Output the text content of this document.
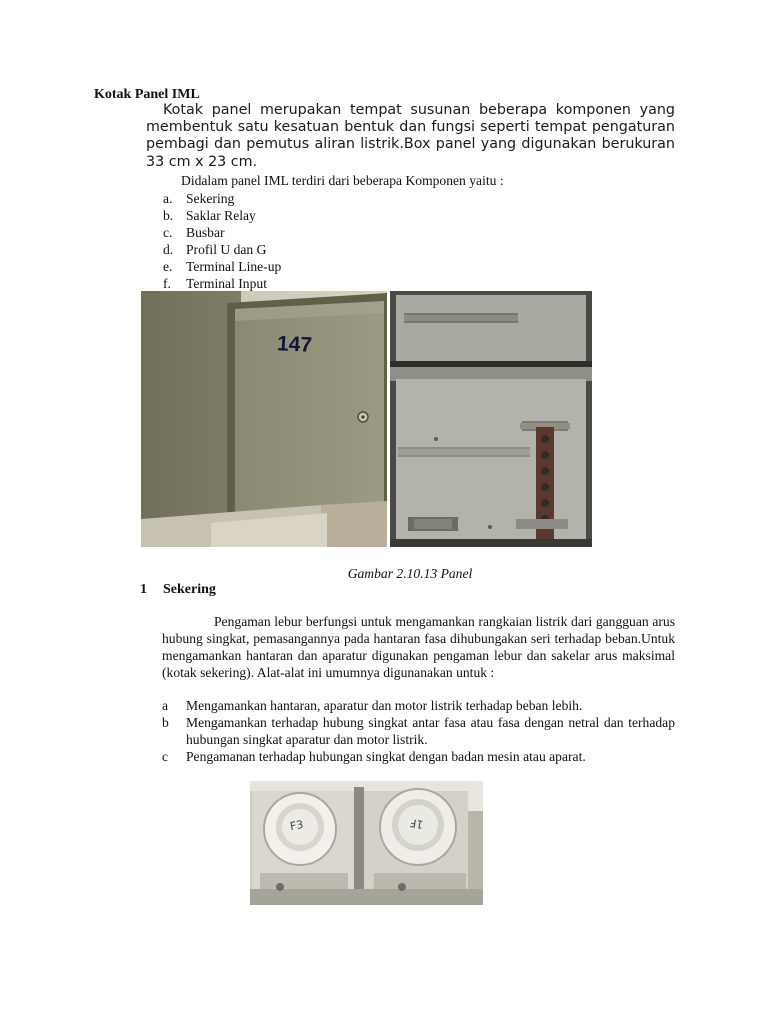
Kotak Panel IML

Kotak panel merupakan tempat susunan beberapa komponen yang membentuk satu kesatuan bentuk dan fungsi seperti tempat pengaturan pembagi dan pemutus aliran listrik.Box panel yang digunakan berukuran 33 cm x 23 cm.

Didalam panel IML terdiri dari beberapa Komponen yaitu :
a. Sekering
b. Saklar Relay
c. Busbar
d. Profil U dan G
e. Terminal Line-up
f.	Terminal Input
147
Gambar 2.10.13 Panel
1 Sekering

Pengaman lebur berfungsi untuk mengamankan rangkaian listrik dari gangguan arus hubung singkat, pemasangannya pada hantaran fasa dihubungakan seri terhadap beban.Untuk mengamankan hantaran dan aparatur digunakan pengaman lebur dan sakelar arus maksimal (kotak sekering). Alat-alat ini umumnya digunanakan untuk :

a	Mengamankan hantaran, aparatur dan motor listrik terhadap beban lebih.
b	Mengamankan terhadap hubung singkat antar fasa atau fasa dengan netral dan terhadap hubungan singkat aparatur dan motor listrik.
c	Pengamanan terhadap hubungan singkat dengan badan mesin atau aparat.
F3	1F
